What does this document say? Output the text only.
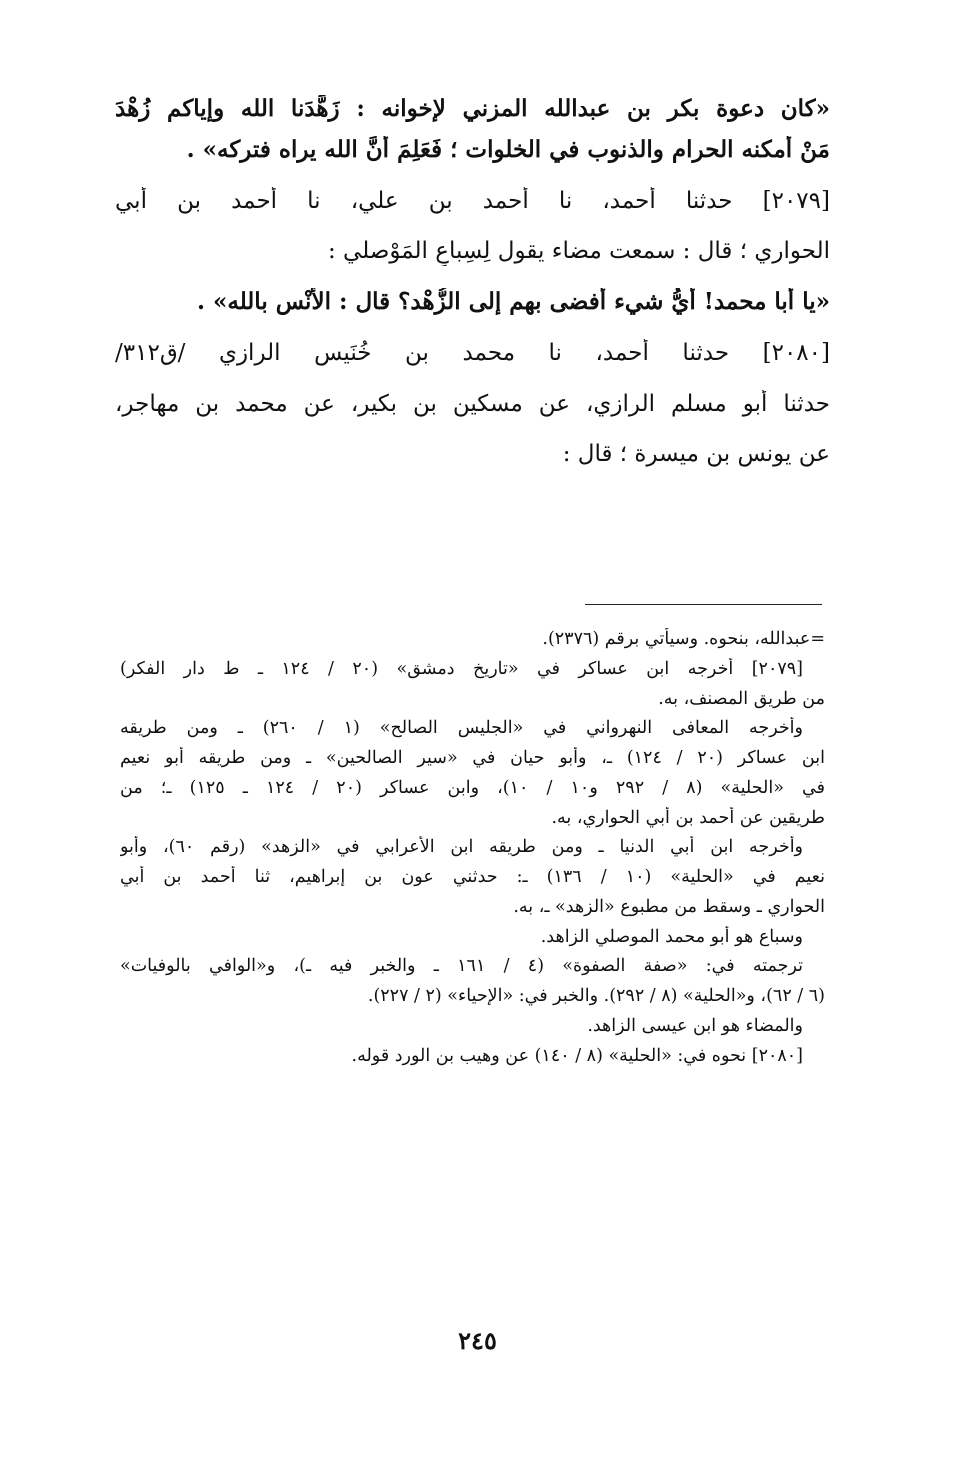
«كان دعوة بكر بن عبدالله المزني لإخوانه : زَهَّدَنا الله وإياكم زُهْدَ
مَنْ أمكنه الحرام والذنوب في الخلوات ؛ فَعَلِمَ أنَّ الله يراه فتركه» .
[٢٠٧٩] حدثنا أحمد، نا أحمد بن علي، نا أحمد بن أبي
الحواري ؛ قال : سمعت مضاء يقول لِسِباعٍ المَوْصلي :
«يا أبا محمد! أيُّ شيء أفضى بهم إلى الزُّهْد؟ قال : الأُنْس بالله» .
[٢٠٨٠] حدثنا أحمد، نا محمد بن خُنَيس الرازي /ق٣١٢/
حدثنا أبو مسلم الرازي، عن مسكين بن بكير، عن محمد بن مهاجر،
عن يونس بن ميسرة ؛ قال :
=عبدالله، بنحوه. وسيأتي برقم (٢٣٧٦).
[٢٠٧٩] أخرجه ابن عساكر في «تاريخ دمشق» (٢٠ / ١٢٤ ـ ط دار الفكر)
من طريق المصنف، به.
وأخرجه المعافى النهرواني في «الجليس الصالح» (١ / ٢٦٠) ـ ومن طريقه
ابن عساكر (٢٠ / ١٢٤) ـ، وأبو حيان في «سير الصالحين» ـ ومن طريقه أبو نعيم
في «الحلية» (٨ / ٢٩٢ و١٠ / ١٠)، وابن عساكر (٢٠ / ١٢٤ ـ ١٢٥) ـ؛ من
طريقين عن أحمد بن أبي الحواري، به.
وأخرجه ابن أبي الدنيا ـ ومن طريقه ابن الأعرابي في «الزهد» (رقم ٦٠)، وأبو
نعيم في «الحلية» (١٠ / ١٣٦) ـ: حدثني عون بن إبراهيم، ثنا أحمد بن أبي
الحواري ـ وسقط من مطبوع «الزهد» ـ، به.
وسباع هو أبو محمد الموصلي الزاهد.
ترجمته في: «صفة الصفوة» (٤ / ١٦١ ـ والخبر فيه ـ)، و«الوافي بالوفيات»
(٦ / ٦٢)، و«الحلية» (٨ / ٢٩٢). والخبر في: «الإحياء» (٢ / ٢٢٧).
والمضاء هو ابن عيسى الزاهد.
[٢٠٨٠] نحوه في: «الحلية» (٨ / ١٤٠) عن وهيب بن الورد قوله.
٢٤٥
